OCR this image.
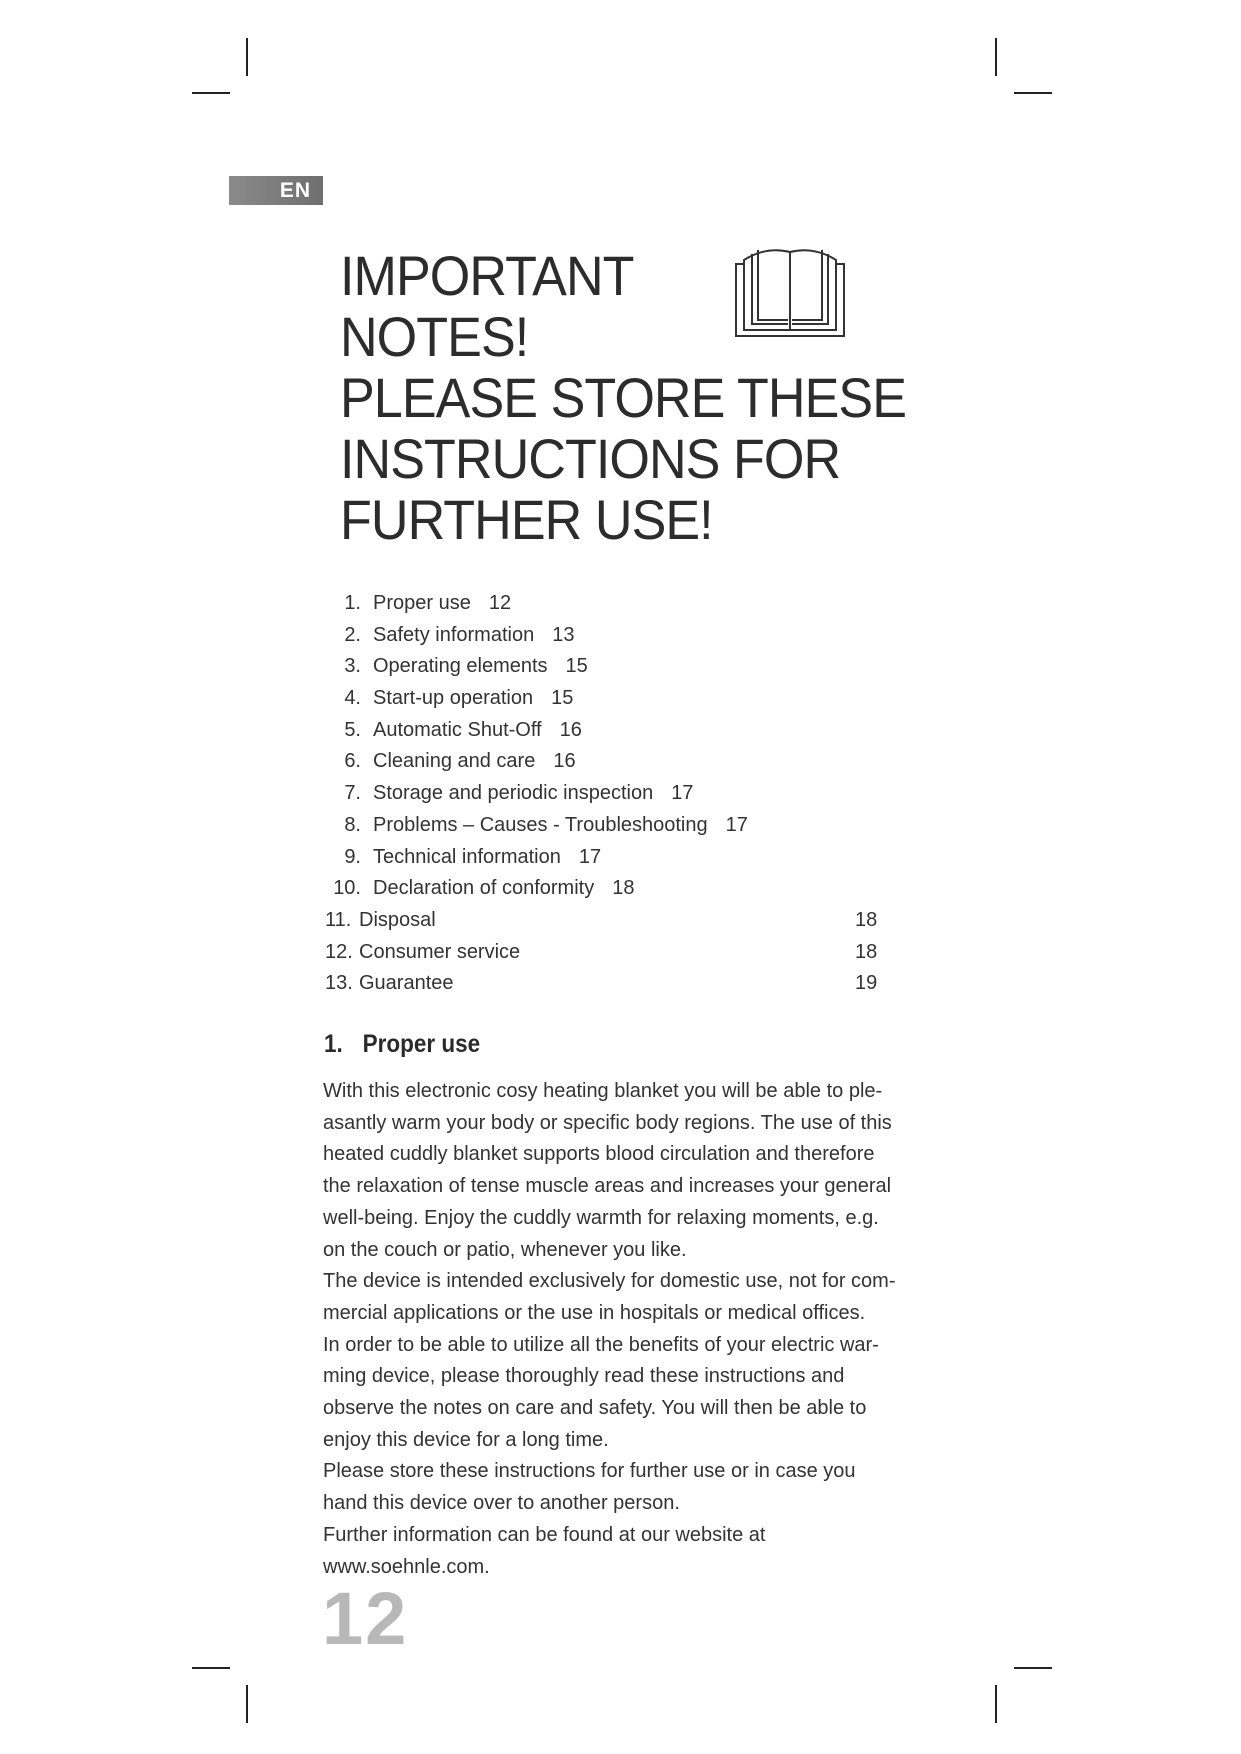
EN
IMPORTANT
NOTES!
PLEASE STORE THESE
INSTRUCTIONS FOR
FURTHER USE!
1. Proper use 12
2. Safety information 13
3. Operating elements 15
4. Start-up operation 15
5. Automatic Shut-Off 16
6. Cleaning and care 16
7. Storage and periodic inspection 17
8. Problems – Causes - Troubleshooting 17
9. Technical information 17
10. Declaration of conformity 18
11. Disposal	18
12. Consumer service	18
13. Guarantee	19
1. Proper use
With this electronic cosy heating blanket you will be able to ple-
asantly warm your body or specific body regions. The use of this
heated cuddly blanket supports blood circulation and therefore
the relaxation of tense muscle areas and increases your general
well-being. Enjoy the cuddly warmth for relaxing moments, e.g.
on the couch or patio, whenever you like.
The device is intended exclusively for domestic use, not for com-
mercial applications or the use in hospitals or medical offices.
In order to be able to utilize all the benefits of your electric war-
ming device, please thoroughly read these instructions and
observe the notes on care and safety. You will then be able to
enjoy this device for a long time.
Please store these instructions for further use or in case you
hand this device over to another person.
Further information can be found at our website at
www.soehnle.com.
12
